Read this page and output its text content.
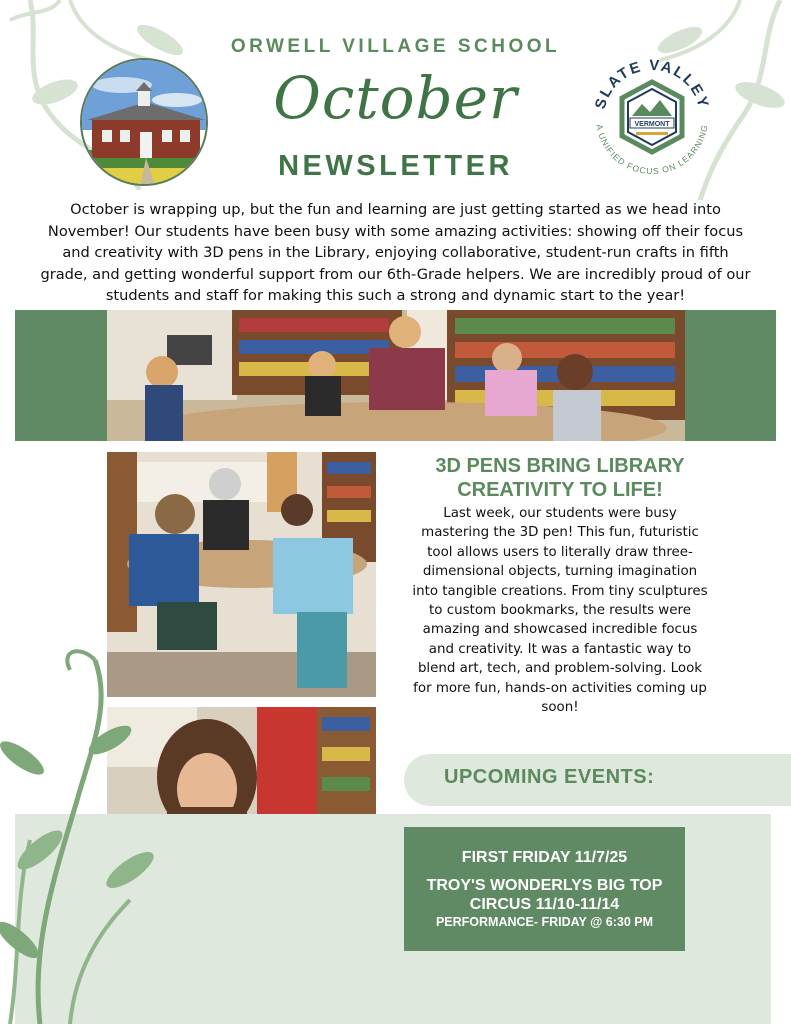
ORWELL VILLAGE SCHOOL
October
NEWSLETTER
SLATE VALLEY
A UNIFIED FOCUS ON LEARNING
VERMONT
October is wrapping up, but the fun and learning are just getting started as we head into November! Our students have been busy with some amazing activities: showing off their focus and creativity with 3D pens in the Library, enjoying collaborative, student-run crafts in fifth grade, and getting wonderful support from our 6th-Grade helpers. We are incredibly proud of our students and staff for making this such a strong and dynamic start to the year!
3D PENS BRING LIBRARY CREATIVITY TO LIFE!
Last week, our students were busy mastering the 3D pen! This fun, futuristic tool allows users to literally draw three-dimensional objects, turning imagination into tangible creations. From tiny sculptures to custom bookmarks, the results were amazing and showcased incredible focus and creativity. It was a fantastic way to blend art, tech, and problem-solving. Look for more fun, hands-on activities coming up soon!
UPCOMING EVENTS:
FIRST FRIDAY 11/7/25
TROY'S WONDERLYS BIG TOP CIRCUS 11/10-11/14
PERFORMANCE- FRIDAY @ 6:30 PM
